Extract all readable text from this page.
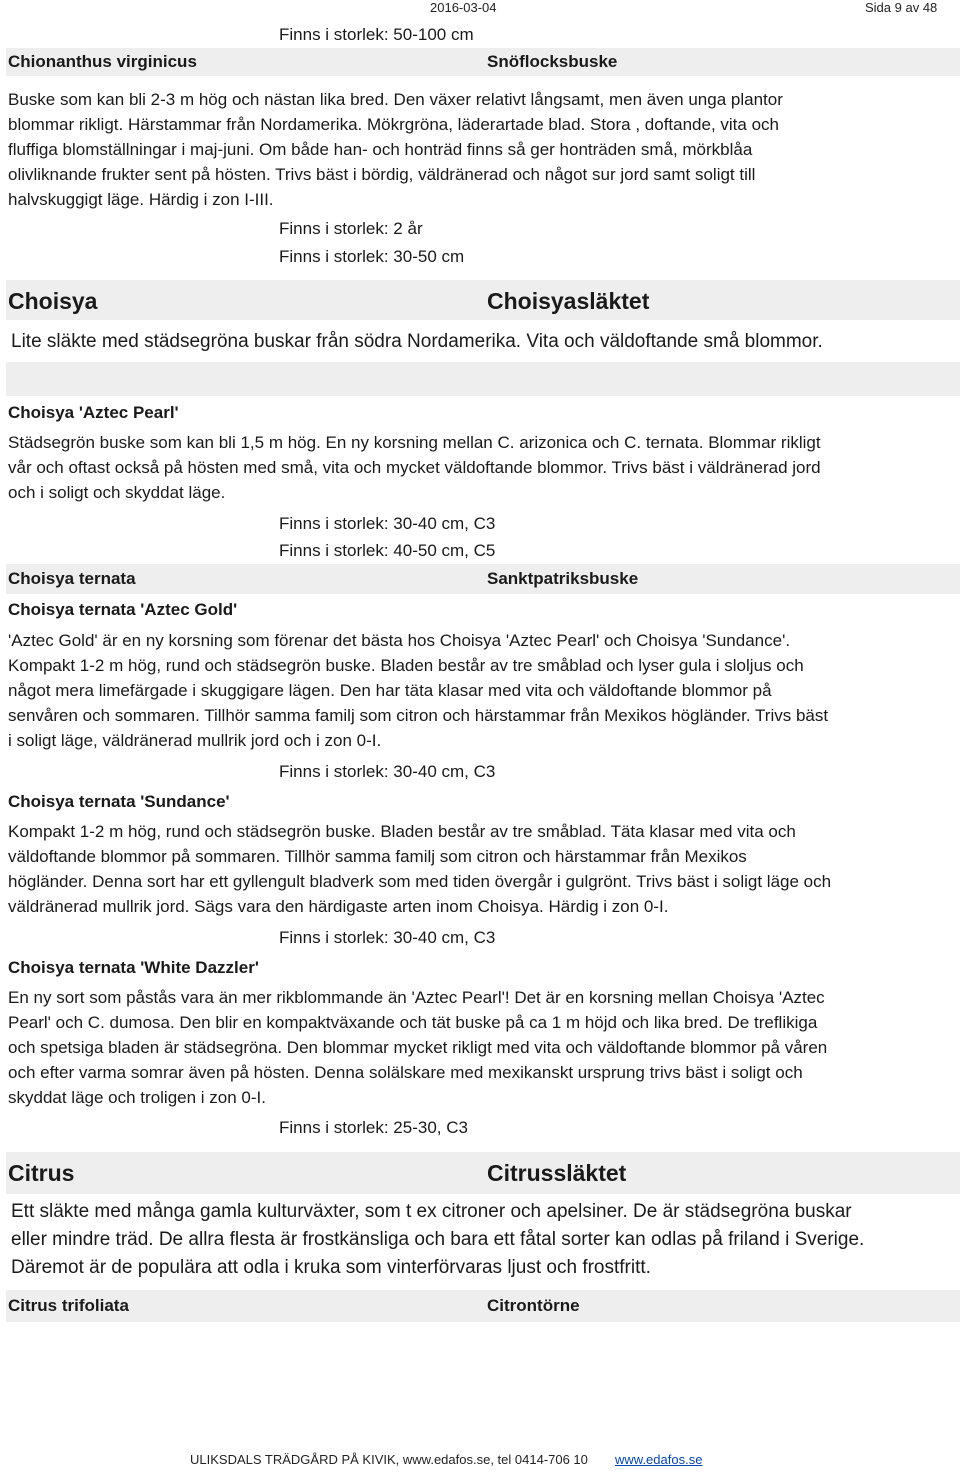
2016-03-04	Sida 9 av 48
Finns i storlek: 50-100 cm
Chionanthus virginicus	Snöflocksbuske
Buske som kan bli 2-3 m hög och nästan lika bred. Den växer relativt långsamt, men även unga plantor
blommar rikligt. Härstammar från Nordamerika. Mökrgröna, läderartade blad. Stora , doftande, vita och
fluffiga blomställningar i maj-juni. Om både han- och honträd finns så ger honträden små, mörkblåa
olivliknande frukter sent på hösten. Trivs bäst i bördig, väldränerad och något sur jord samt soligt till
halvskuggigt läge. Härdig i zon I-III.
Finns i storlek: 2 år
Finns i storlek: 30-50 cm
Choisya	Choisyasläktet
Lite släkte med städsegröna buskar från södra Nordamerika. Vita och väldoftande små blommor.
Choisya 'Aztec Pearl'
Städsegrön buske som kan bli 1,5 m hög. En ny korsning mellan C. arizonica och C. ternata. Blommar rikligt
vår och oftast också på hösten med små, vita och mycket väldoftande blommor. Trivs bäst i väldränerad jord
och i soligt och skyddat läge.
Finns i storlek: 30-40 cm, C3
Finns i storlek: 40-50 cm, C5
Choisya ternata	Sanktpatriksbuske
Choisya ternata 'Aztec Gold'
'Aztec Gold' är en ny korsning som förenar det bästa hos Choisya 'Aztec Pearl' och Choisya 'Sundance'.
Kompakt 1-2 m hög, rund och städsegrön buske. Bladen består av tre småblad och lyser gula i sloljus och
något mera limefärgade i skuggigare lägen. Den har täta klasar med vita och väldoftande blommor på
senvåren och sommaren. Tillhör samma familj som citron och härstammar från Mexikos högländer. Trivs bäst
i soligt läge, väldränerad mullrik jord och i zon 0-I.
Finns i storlek: 30-40 cm, C3
Choisya ternata 'Sundance'
Kompakt 1-2 m hög, rund och städsegrön buske. Bladen består av tre småblad. Täta klasar med vita och
väldoftande blommor på sommaren. Tillhör samma familj som citron och härstammar från Mexikos
högländer. Denna sort har ett gyllengult bladverk som med tiden övergår i gulgrönt. Trivs bäst i soligt läge och
väldränerad mullrik jord. Sägs vara den härdigaste arten inom Choisya. Härdig i zon 0-I.
Finns i storlek: 30-40 cm, C3
Choisya ternata 'White Dazzler'
En ny sort som påstås vara än mer rikblommande än 'Aztec Pearl'! Det är en korsning mellan Choisya 'Aztec
Pearl' och C. dumosa. Den blir en kompaktväxande och tät buske på ca 1 m höjd och lika bred. De treflikiga
och spetsiga bladen är städsegröna. Den blommar mycket rikligt med vita och väldoftande blommor på våren
och efter varma somrar även på hösten. Denna solälskare med mexikanskt ursprung trivs bäst i soligt och
skyddat läge och troligen i zon 0-I.
Finns i storlek: 25-30, C3
Citrus	Citrussläktet
Ett släkte med många gamla kulturväxter, som t ex citroner och apelsiner. De är städsegröna buskar
eller mindre träd. De allra flesta är frostkänsliga och bara ett fåtal sorter kan odlas på friland i Sverige.
Däremot är de populära att odla i kruka som vinterförvaras ljust och frostfritt.
Citrus trifoliata	Citrontörne
ULIKSDALS TRÄDGÅRD PÅ KIVIK, www.edafos.se, tel 0414-706 10 www.edafos.se
